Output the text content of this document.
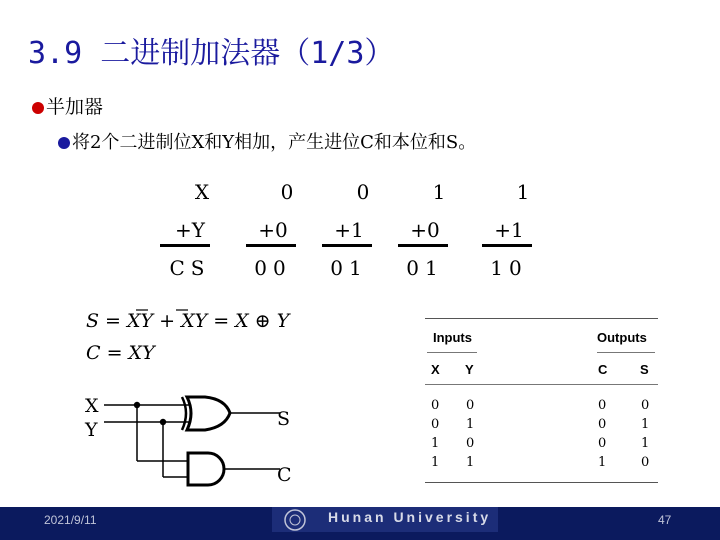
3.9 二进制加法器（1/3）
半加器
将2个二进制位X和Y相加，产生进位C和本位和S。
X	0	0	1	1
+Y	+0	+1	+0	+1
CS	00	01	01	10
S = XY + XY = X ⊕ Y
C = XY
X
Y	S
C
Inputs	Outputs
X Y	C	S
0 0	0	0
0 1	0	1
1 0	0	1
1 1	1	0
2021/9/11	Hunan University	47
